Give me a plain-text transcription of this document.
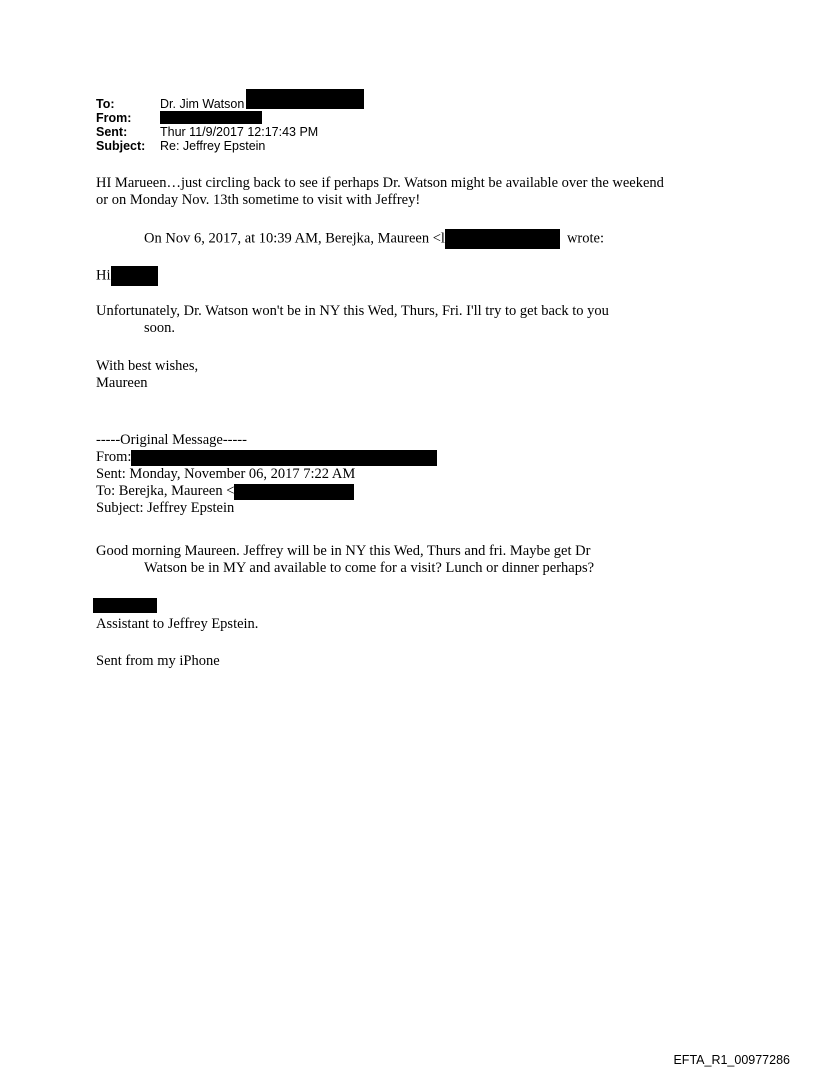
To:	Dr. Jim Watson
From:
Sent:	Thur 11/9/2017 12:17:43 PM
Subject:	Re: Jeffrey Epstein
HI Marueen…just circling back to see if perhaps Dr. Watson might be available over the weekend
or on Monday Nov. 13th sometime to visit with Jeffrey!
On Nov 6, 2017, at 10:39 AM, Berejka, Maureen <l	wrote:
Hi
Unfortunately, Dr. Watson won't be in NY this Wed, Thurs, Fri. I'll try to get back to you
soon.
With best wishes,
Maureen
-----Original Message-----
From:
Sent: Monday, November 06, 2017 7:22 AM
To: Berejka, Maureen <
Subject: Jeffrey Epstein
Good morning Maureen. Jeffrey will be in NY this Wed, Thurs and fri. Maybe get Dr
Watson be in MY and available to come for a visit? Lunch or dinner perhaps?
Assistant to Jeffrey Epstein.
Sent from my iPhone
EFTA_R1_00977286
